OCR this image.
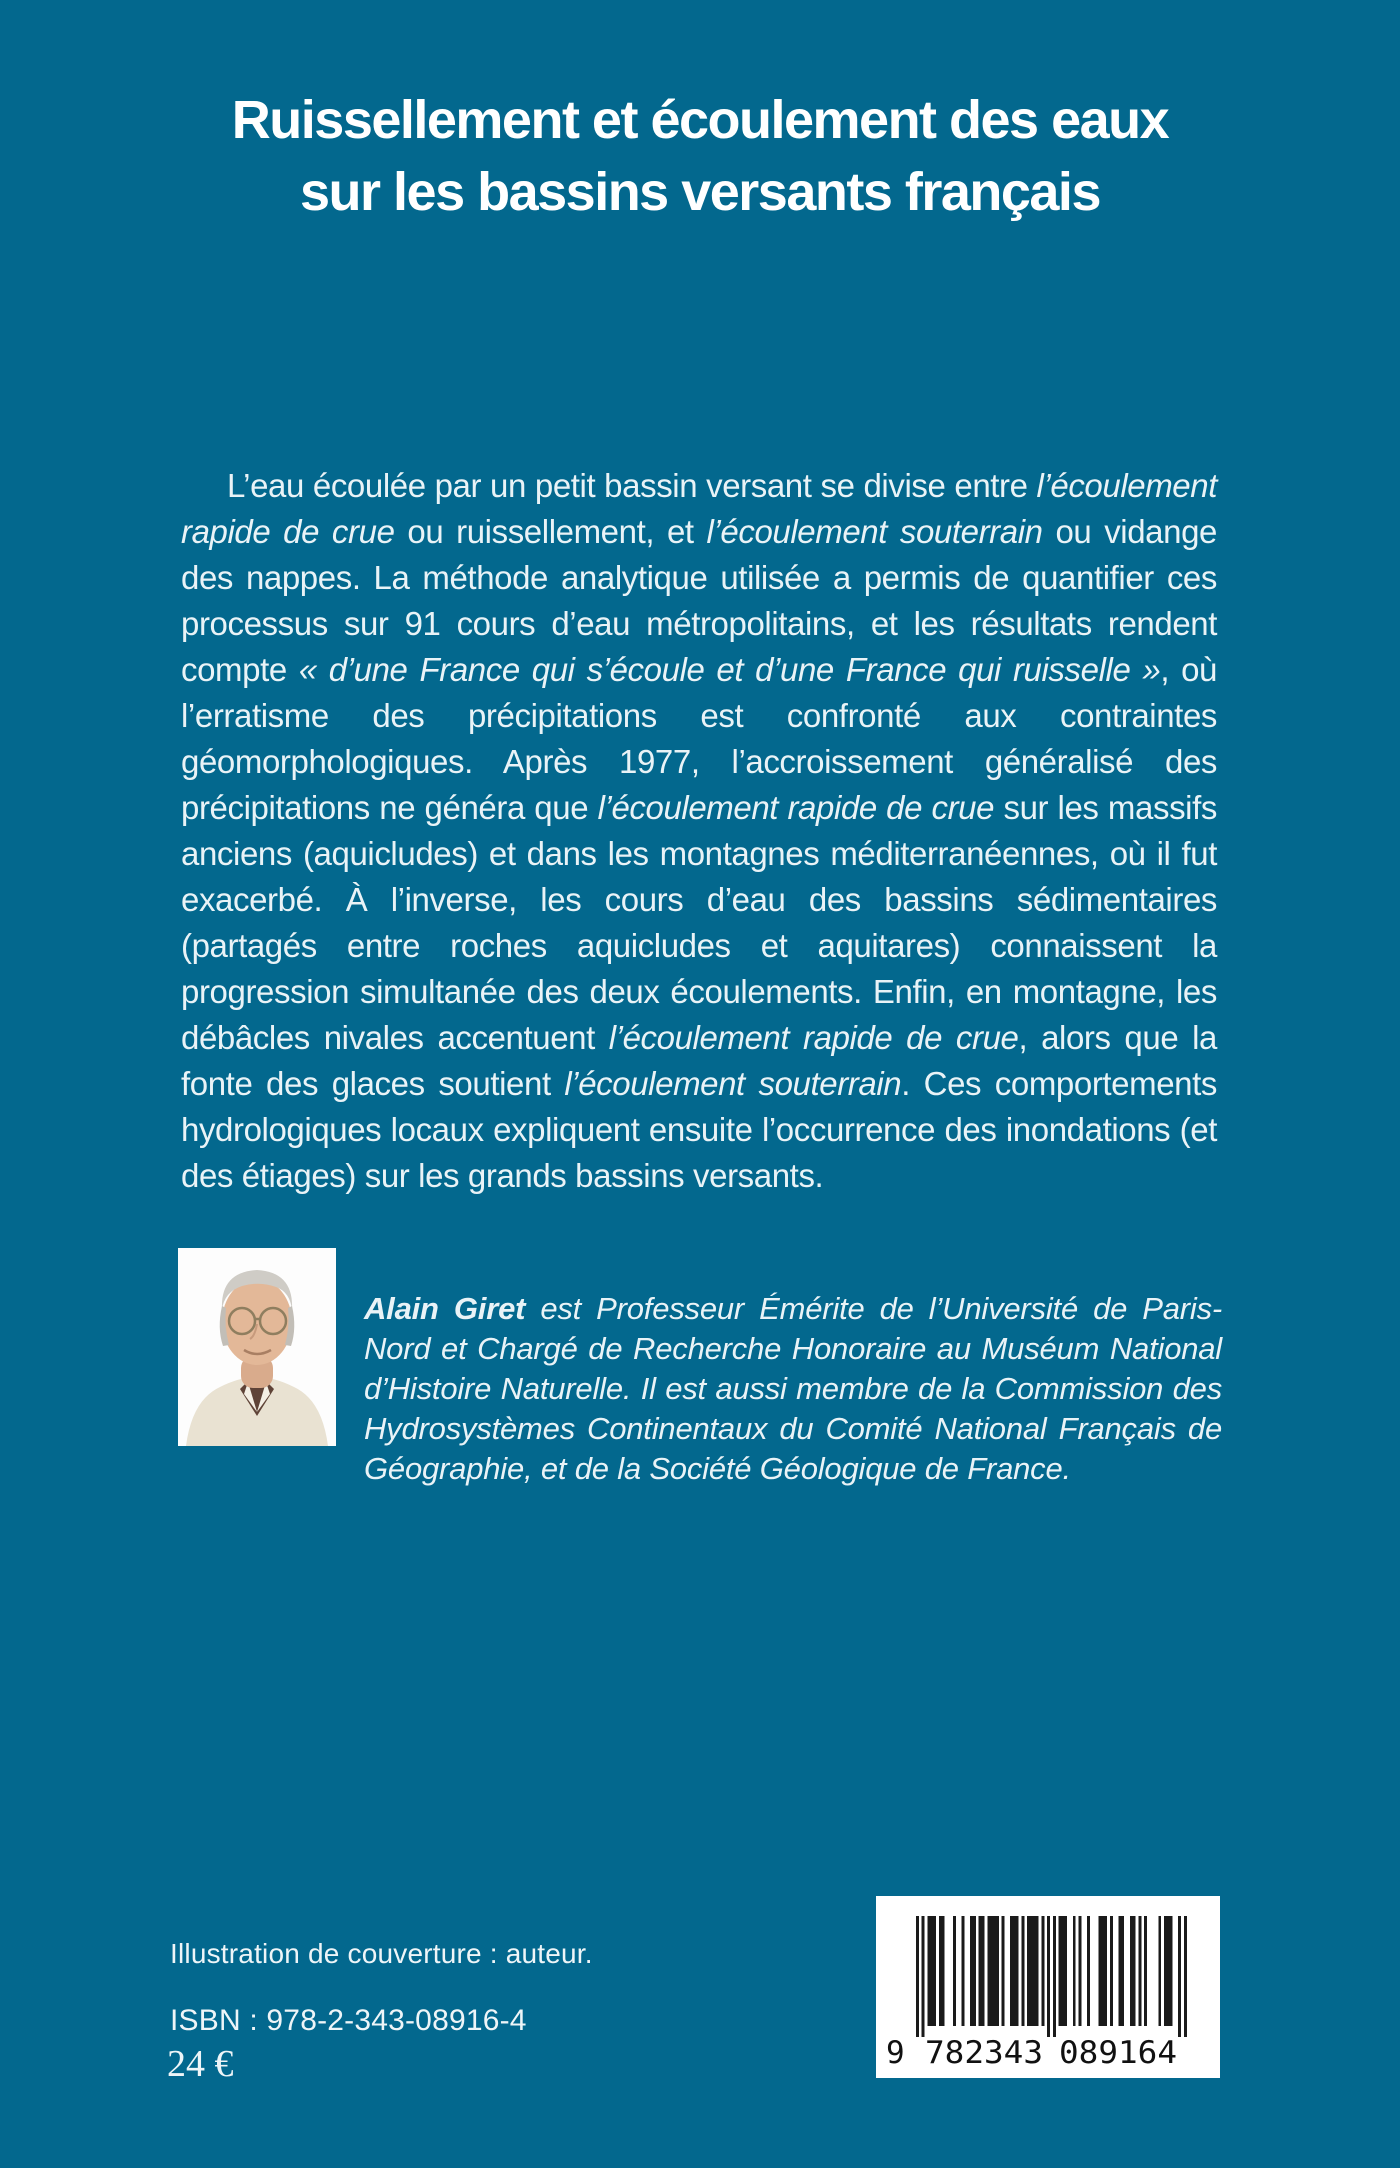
Ruissellement et écoulement des eaux
sur les bassins versants français

L’eau écoulée par un petit bassin versant se divise entre l’écoulement rapide de crue ou ruissellement, et l’écoulement souterrain ou vidange des nappes. La méthode analytique utilisée a permis de quantifier ces processus sur 91 cours d’eau métropolitains, et les résultats rendent compte « d’une France qui s’écoule et d’une France qui ruisselle », où l’erratisme des précipitations est confronté aux contraintes géomorphologiques. Après 1977, l’accroissement généralisé des précipitations ne généra que l’écoulement rapide de crue sur les massifs anciens (aquicludes) et dans les montagnes méditerranéennes, où il fut exacerbé. À l’inverse, les cours d’eau des bassins sédimentaires (partagés entre roches aquicludes et aquitares) connaissent la progression simultanée des deux écoulements. Enfin, en montagne, les débâcles nivales accentuent l’écoulement rapide de crue, alors que la fonte des glaces soutient l’écoulement souterrain. Ces comportements hydrologiques locaux expliquent ensuite l’occurrence des inondations (et des étiages) sur les grands bassins versants.

Alain Giret est Professeur Émérite de l’Université de Paris-Nord et Chargé de Recherche Honoraire au Muséum National d’Histoire Naturelle. Il est aussi membre de la Commission des Hydrosystèmes Continentaux du Comité National Français de Géographie, et de la Société Géologique de France.

Illustration de couverture : auteur.
ISBN : 978-2-343-08916-4
24 €	9 782343 089164
